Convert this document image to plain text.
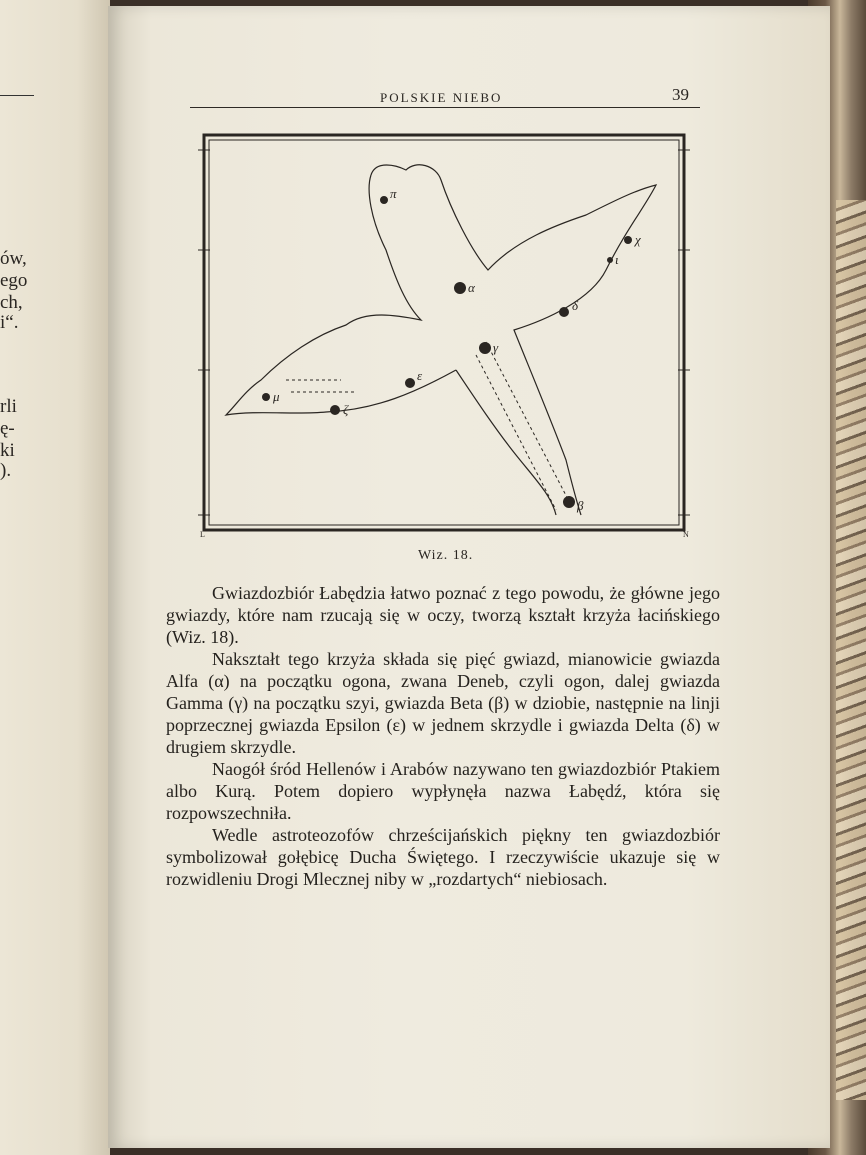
ów,
ego
ch,
i“.
rli
ę-
ki
).
POLSKIE NIEBO	39
π
α
γ
χ
ι
δ
ε
ζ
μ
β
L	N
Wiz. 18.

Gwiazdozbiór Łabędzia łatwo poznać z tego powodu, że główne jego gwiazdy, które nam rzucają się w oczy, tworzą kształt krzyża łacińskiego (Wiz. 18).

Nakształt tego krzyża składa się pięć gwiazd, mianowicie gwiazda Alfa (α) na początku ogona, zwana Deneb, czyli ogon, dalej gwiazda Gamma (γ) na początku szyi, gwiazda Beta (β) w dziobie, następnie na linji poprzecznej gwiazda Epsilon (ε) w jednem skrzydle i gwiazda Delta (δ) w drugiem skrzydle.

Naogół śród Hellenów i Arabów nazywano ten gwiazdozbiór Ptakiem albo Kurą. Potem dopiero wypłynęła nazwa Łabędź, która się rozpowszechniła.

Wedle astroteozofów chrześcijańskich piękny ten gwiazdozbiór symbolizował gołębicę Ducha Świętego. I rzeczywiście ukazuje się w rozwidleniu Drogi Mlecznej niby w „rozdartych“ niebiosach.
